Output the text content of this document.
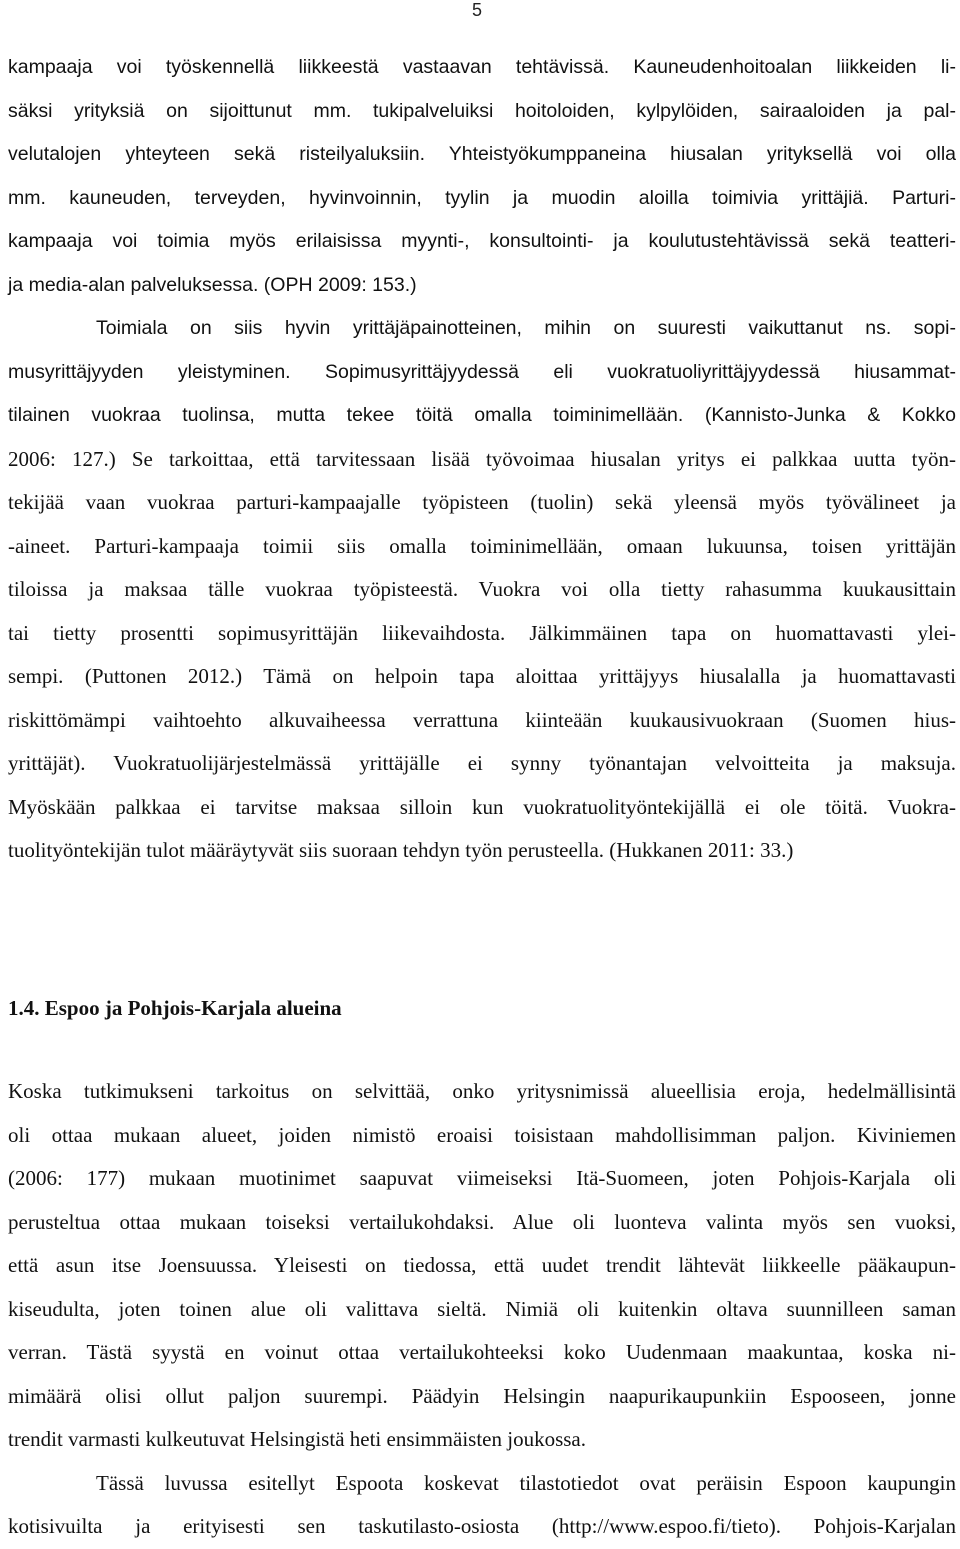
5
kampaaja voi työskennellä liikkeestä vastaavan tehtävissä. Kauneudenhoitoalan liikkeiden li-
säksi yrityksiä on sijoittunut mm. tukipalveluiksi hoitoloiden, kylpylöiden, sairaaloiden ja pal-
velutalojen yhteyteen sekä risteilyaluksiin. Yhteistyökumppaneina hiusalan yrityksellä voi olla
mm. kauneuden, terveyden, hyvinvoinnin, tyylin ja muodin aloilla toimivia yrittäjiä. Parturi-
kampaaja voi toimia myös erilaisissa myynti-, konsultointi- ja koulutustehtävissä sekä teatteri-
ja media-alan palveluksessa. (OPH 2009: 153.)
Toimiala on siis hyvin yrittäjäpainotteinen, mihin on suuresti vaikuttanut ns. sopi-
musyrittäjyyden yleistyminen. Sopimusyrittäjyydessä eli vuokratuoliyrittäjyydessä hiusammat-
tilainen vuokraa tuolinsa, mutta tekee töitä omalla toiminimellään. (Kannisto-Junka & Kokko
2006: 127.) Se tarkoittaa, että tarvitessaan lisää työvoimaa hiusalan yritys ei palkkaa uutta työn-
tekijää vaan vuokraa parturi-kampaajalle työpisteen (tuolin) sekä yleensä myös työvälineet ja
-aineet. Parturi-kampaaja toimii siis omalla toiminimellään, omaan lukuunsa, toisen yrittäjän
tiloissa ja maksaa tälle vuokraa työpisteestä. Vuokra voi olla tietty rahasumma kuukausittain
tai tietty prosentti sopimusyrittäjän liikevaihdosta. Jälkimmäinen tapa on huomattavasti ylei-
sempi. (Puttonen 2012.) Tämä on helpoin tapa aloittaa yrittäjyys hiusalalla ja huomattavasti
riskittömämpi vaihtoehto alkuvaiheessa verrattuna kiinteään kuukausivuokraan (Suomen hius-
yrittäjät). Vuokratuolijärjestelmässä yrittäjälle ei synny työnantajan velvoitteita ja maksuja.
Myöskään palkkaa ei tarvitse maksaa silloin kun vuokratuolityöntekijällä ei ole töitä. Vuokra-
tuolityöntekijän tulot määräytyvät siis suoraan tehdyn työn perusteella. (Hukkanen 2011: 33.)
1.4. Espoo ja Pohjois-Karjala alueina
Koska tutkimukseni tarkoitus on selvittää, onko yritysnimissä alueellisia eroja, hedelmällisintä
oli ottaa mukaan alueet, joiden nimistö eroaisi toisistaan mahdollisimman paljon. Kiviniemen
(2006: 177) mukaan muotinimet saapuvat viimeiseksi Itä-Suomeen, joten Pohjois-Karjala oli
perusteltua ottaa mukaan toiseksi vertailukohdaksi. Alue oli luonteva valinta myös sen vuoksi,
että asun itse Joensuussa. Yleisesti on tiedossa, että uudet trendit lähtevät liikkeelle pääkaupun-
kiseudulta, joten toinen alue oli valittava sieltä. Nimiä oli kuitenkin oltava suunnilleen saman
verran. Tästä syystä en voinut ottaa vertailukohteeksi koko Uudenmaan maakuntaa, koska ni-
mimäärä olisi ollut paljon suurempi. Päädyin Helsingin naapurikaupunkiin Espooseen, jonne
trendit varmasti kulkeutuvat Helsingistä heti ensimmäisten joukossa.
Tässä luvussa esitellyt Espoota koskevat tilastotiedot ovat peräisin Espoon kaupungin
kotisivuilta ja erityisesti sen taskutilasto-osiosta (http://www.espoo.fi/tieto). Pohjois-Karjalan
